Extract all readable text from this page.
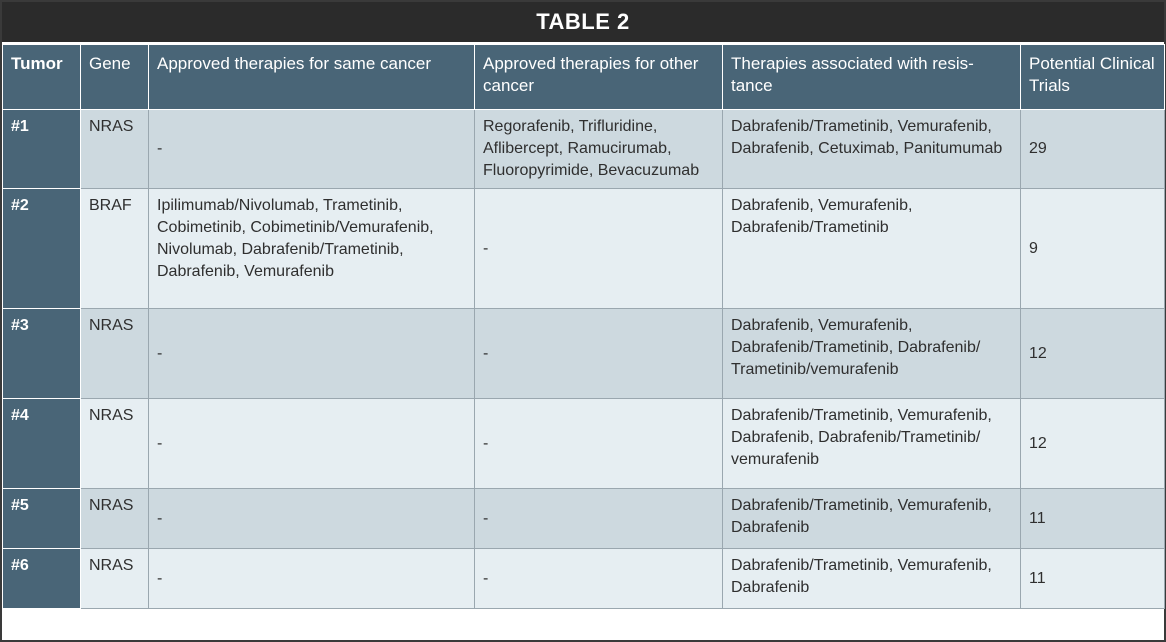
TABLE 2
Tumor	Gene	Approved therapies for same cancer	Approved therapies for other cancer	Therapies associated with resis-tance	Potential Clinical Trials
#1	NRAS	-	Regorafenib, Trifluridine, Aflibercept, Ramucirumab, Fluoropyrimide, Bevacuzumab	Dabrafenib/Trametinib, Vemurafenib, Dabrafenib, Cetuximab, Panitumumab	29
#2	BRAF	Ipilimumab/Nivolumab, Trametinib, Cobimetinib, Cobimetinib/Vemurafenib, Nivolumab, Dabrafenib/Trametinib, Dabrafenib, Vemurafenib	-	Dabrafenib, Vemurafenib, Dabrafenib/Trametinib	9
#3	NRAS	-	-	Dabrafenib, Vemurafenib, Dabrafenib/Trametinib, Dabrafenib/ Trametinib/vemurafenib	12
#4	NRAS	-	-	Dabrafenib/Trametinib, Vemurafenib, Dabrafenib, Dabrafenib/Trametinib/ vemurafenib	12
#5	NRAS	-	-	Dabrafenib/Trametinib, Vemurafenib, Dabrafenib	11
#6	NRAS	-	-	Dabrafenib/Trametinib, Vemurafenib, Dabrafenib	11
